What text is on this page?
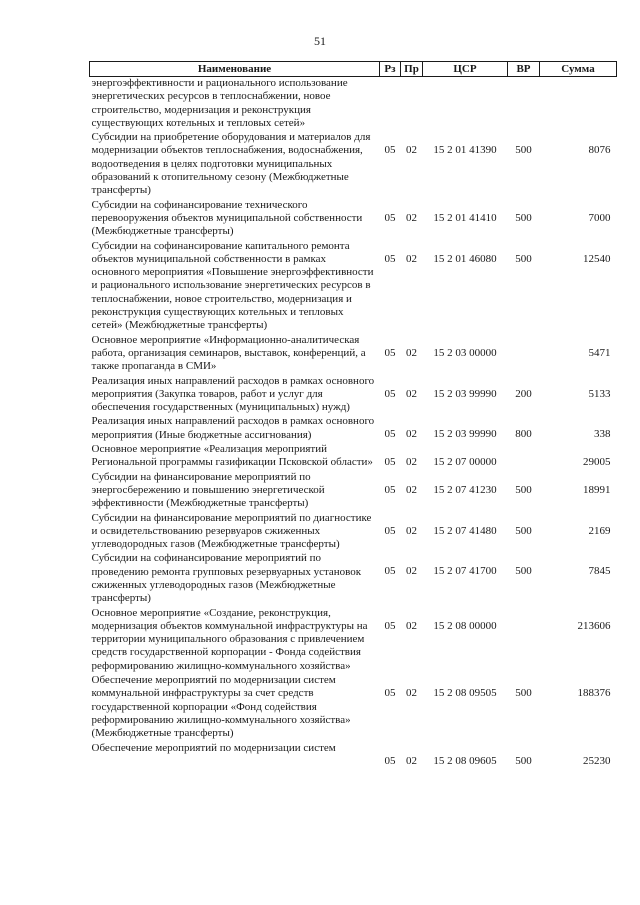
51
Наименование	Рз	Пр	ЦСР	ВР	Сумма
энергоэффективности и рационального использование энергетических ресурсов в теплоснабжении, новое строительство, модернизация и реконструкция существующих котельных и тепловых сетей»					
Субсидии на приобретение оборудования и материалов для модернизации объектов теплоснабжения, водоснабжения, водоотведения в целях подготовки муниципальных образований к отопительному сезону (Межбюджетные трансферты)	05	02	15 2 01 41390	500	8076
Субсидии на софинансирование технического перевооружения объектов муниципальной собственности (Межбюджетные трансферты)	05	02	15 2 01 41410	500	7000
Субсидии на софинансирование капитального ремонта объектов муниципальной собственности в рамках основного мероприятия «Повышение энергоэффективности и рационального использование энергетических ресурсов в теплоснабжении, новое строительство, модернизация и реконструкция существующих котельных и тепловых сетей» (Межбюджетные трансферты)	05	02	15 2 01 46080	500	12540
Основное мероприятие «Информационно-аналитическая работа, организация семинаров, выставок, конференций, а также пропаганда в СМИ»	05	02	15 2 03 00000		5471
Реализация иных направлений расходов в рамках основного мероприятия (Закупка товаров, работ и услуг для обеспечения государственных (муниципальных) нужд)	05	02	15 2 03 99990	200	5133
Реализация иных направлений расходов в рамках основного мероприятия (Иные бюджетные ассигнования)	05	02	15 2 03 99990	800	338
Основное мероприятие «Реализация мероприятий Региональной программы газификации Псковской области»	05	02	15 2 07 00000		29005
Субсидии на финансирование мероприятий по энергосбережению и повышению энергетической эффективности (Межбюджетные трансферты)	05	02	15 2 07 41230	500	18991
Субсидии на финансирование мероприятий по диагностике и освидетельствованию резервуаров сжиженных углеводородных газов (Межбюджетные трансферты)	05	02	15 2 07 41480	500	2169
Субсидии на софинансирование мероприятий по проведению ремонта групповых резервуарных установок сжиженных углеводородных газов (Межбюджетные трансферты)	05	02	15 2 07 41700	500	7845
Основное мероприятие «Создание, реконструкция, модернизация объектов коммунальной инфраструктуры на территории муниципального образования с привлечением средств государственной корпорации - Фонда содействия реформированию жилищно-коммунального хозяйства»	05	02	15 2 08 00000		213606
Обеспечение мероприятий по модернизации систем коммунальной инфраструктуры за счет средств государственной корпорации «Фонд содействия реформированию жилищно-коммунального хозяйства» (Межбюджетные трансферты)	05	02	15 2 08 09505	500	188376
Обеспечение мероприятий по модернизации систем	05	02	15 2 08 09605	500	25230
